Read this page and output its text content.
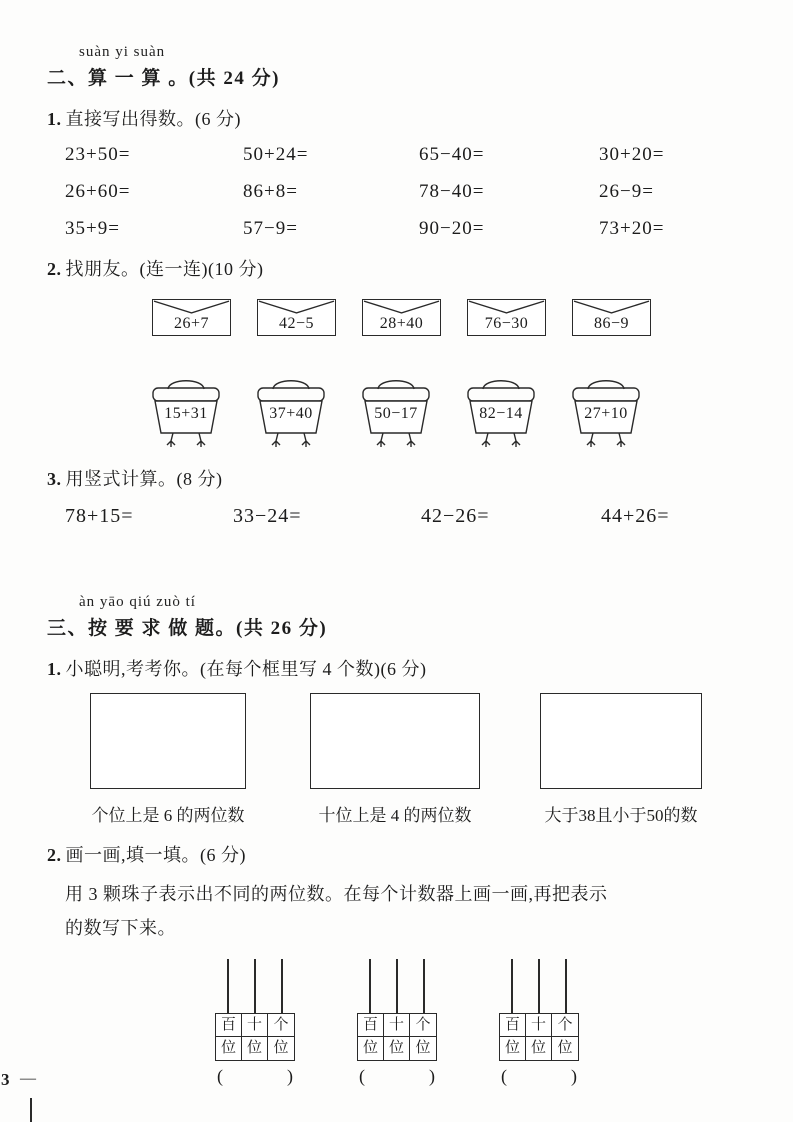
suàn yi suàn
二、算 一 算 。(共 24 分)
1. 直接写出得数。(6 分)
23+50=	50+24=	65−40=	30+20=
26+60=	86+8=	78−40=	26−9=
35+9=	57−9=	90−20=	73+20=
2. 找朋友。(连一连)(10 分)
26+7	42−5	28+40	76−30	86−9
15+31	37+40	50−17	82−14	27+10
3. 用竖式计算。(8 分)
78+15=	33−24=	42−26=	44+26=
àn yāo qiú zuò tí
三、按 要 求 做 题。(共 26 分)
1. 小聪明,考考你。(在每个框里写 4 个数)(6 分)
个位上是 6 的两位数	十位上是 4 的两位数	大于38且小于50的数
2. 画一画,填一填。(6 分)
用 3 颗珠子表示出不同的两位数。在每个计数器上画一画,再把表示
的数写下来。
百 十 个
位 位 位
(	)
百 十 个
位 位 位
(	)
百 十 个
位 位 位
(	)
3 —
